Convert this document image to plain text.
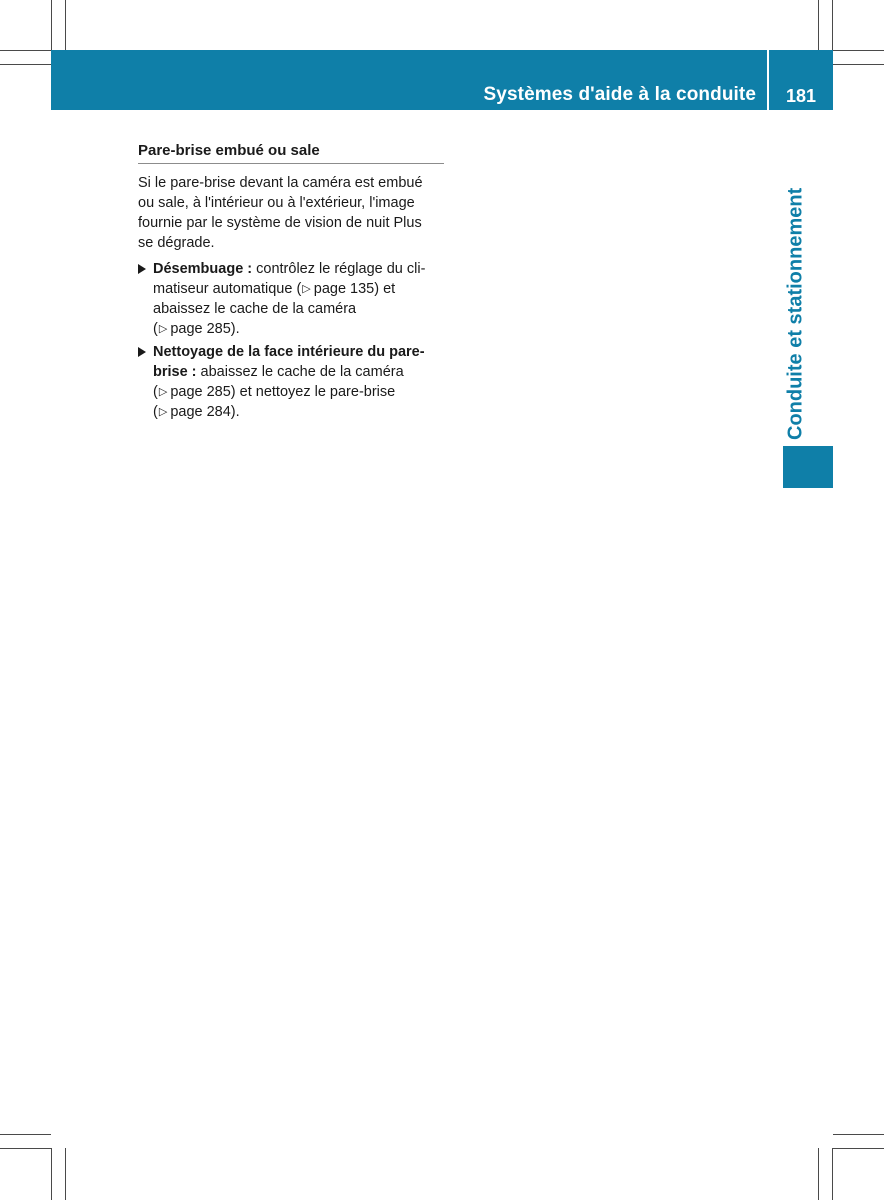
Systèmes d'aide à la conduite	181
Conduite et stationnement
Pare-brise embué ou sale

Si le pare-brise devant la caméra est embué
ou sale, à l'intérieur ou à l'extérieur, l'image
fournie par le système de vision de nuit Plus
se dégrade.

Désembuage : contrôlez le réglage du cli-
matiseur automatique (▷ page 135) et
abaissez le cache de la caméra
(▷ page 285).
Nettoyage de la face intérieure du pare-
brise : abaissez le cache de la caméra
(▷ page 285) et nettoyez le pare-brise
(▷ page 284).
